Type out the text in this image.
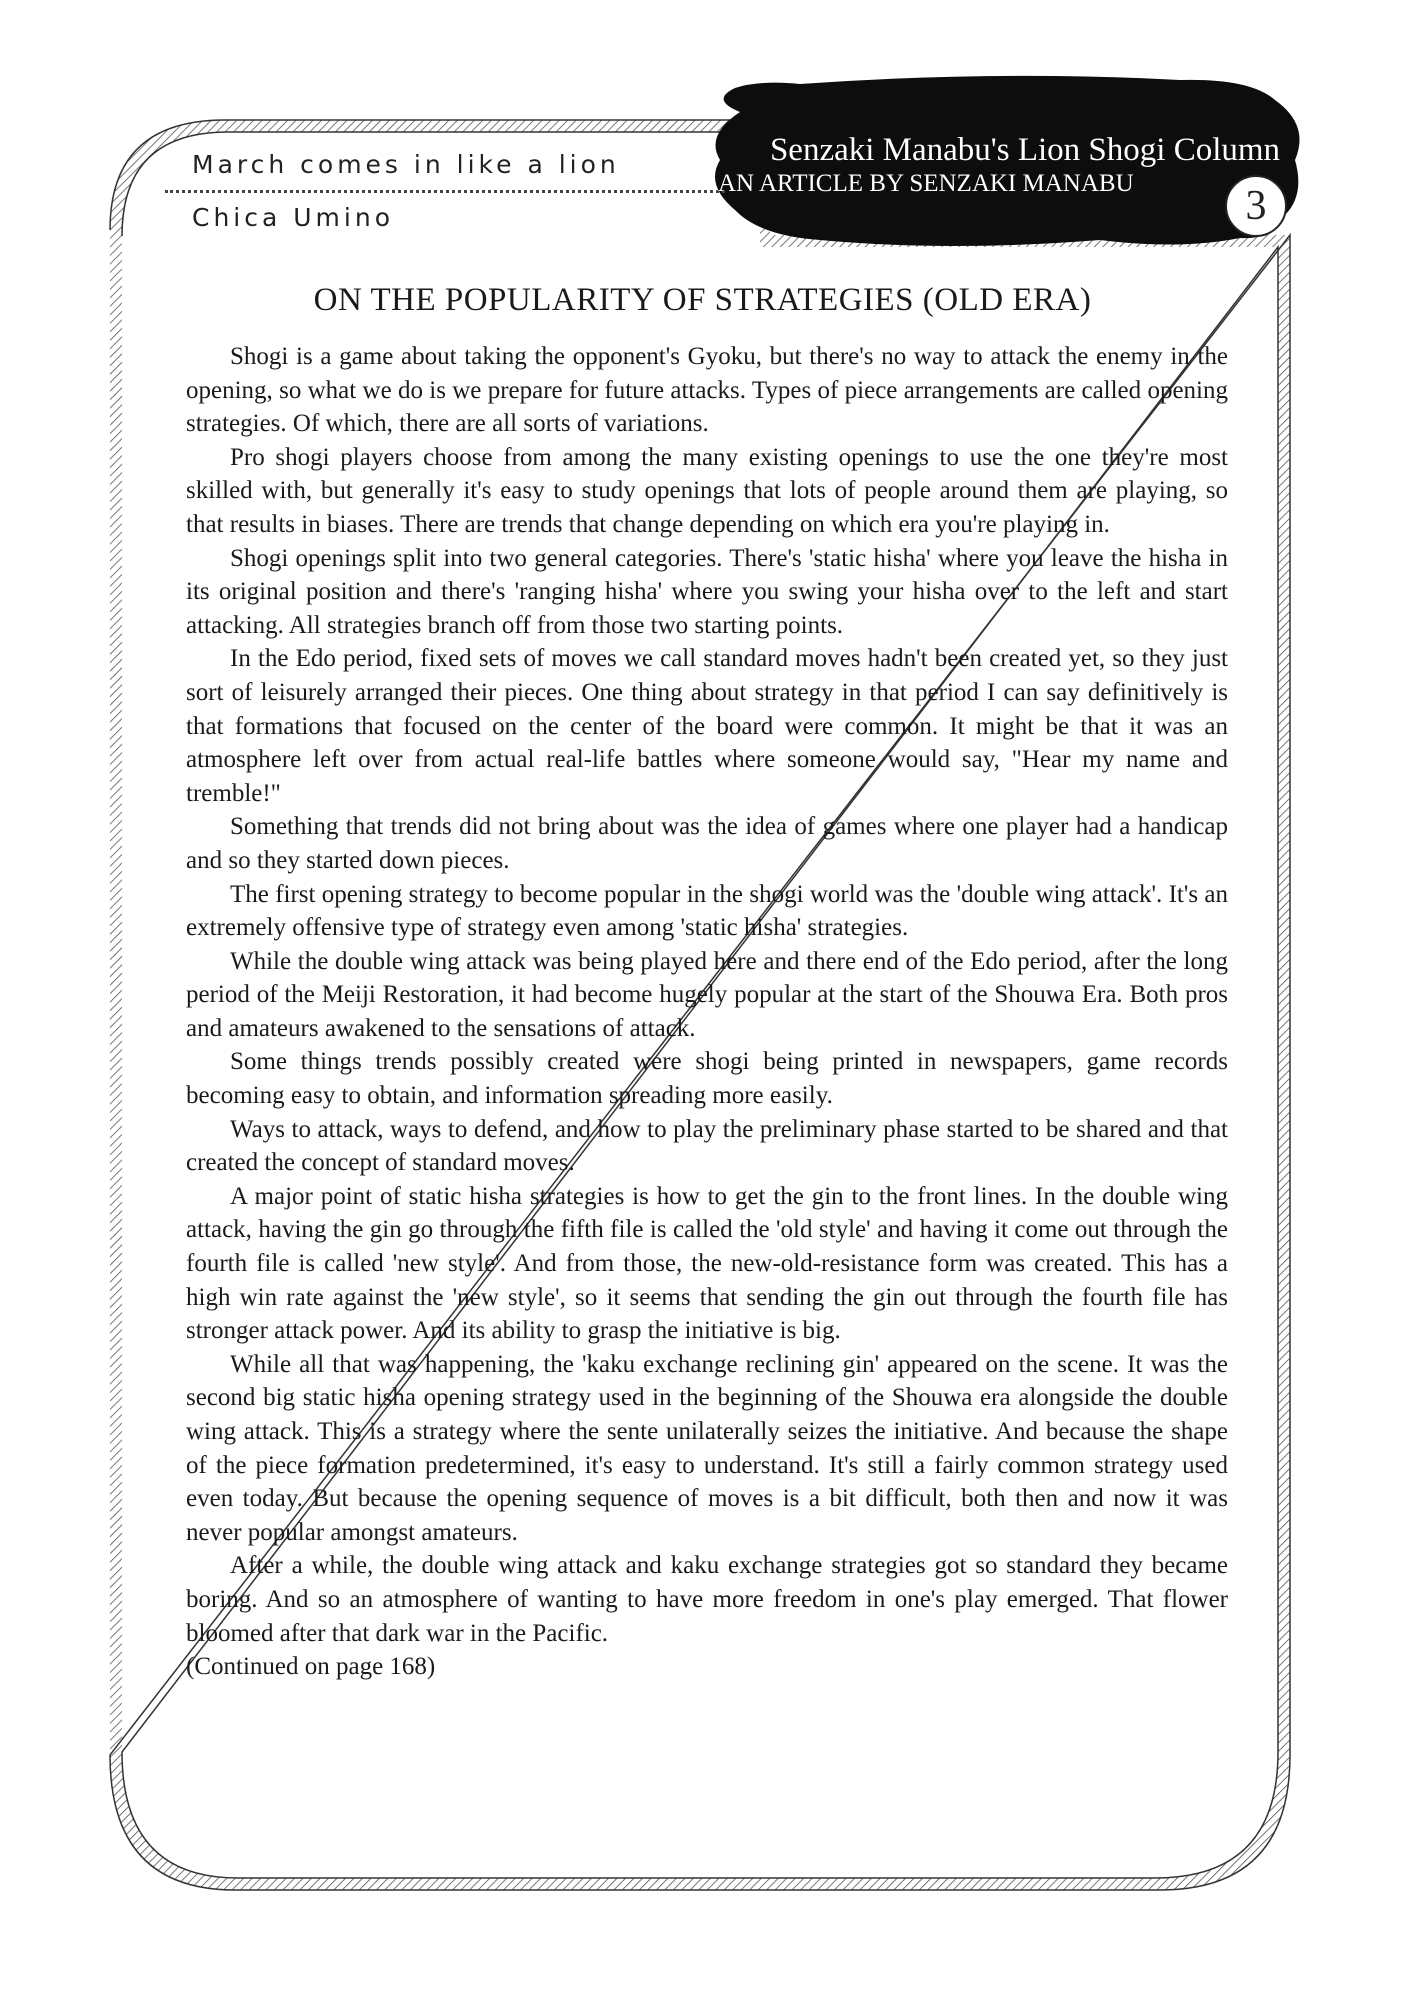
March comes in like a lion
Chica Umino
Senzaki Manabu's Lion Shogi Column
AN ARTICLE BY SENZAKI MANABU	3
ON THE POPULARITY OF STRATEGIES (OLD ERA)

Shogi is a game about taking the opponent's Gyoku, but there's no way to attack the enemy in the opening, so what we do is we prepare for future attacks. Types of piece arrangements are called opening strategies. Of which, there are all sorts of variations.

Pro shogi players choose from among the many existing openings to use the one they're most skilled with, but generally it's easy to study openings that lots of people around them are playing, so that results in biases. There are trends that change depending on which era you're playing in.

Shogi openings split into two general categories. There's 'static hisha' where you leave the hisha in its original position and there's 'ranging hisha' where you swing your hisha over to the left and start attacking. All strategies branch off from those two starting points.

In the Edo period, fixed sets of moves we call standard moves hadn't been created yet, so they just sort of leisurely arranged their pieces. One thing about strategy in that period I can say definitively is that formations that focused on the center of the board were common. It might be that it was an atmosphere left over from actual real-life battles where someone would say, "Hear my name and tremble!"

Something that trends did not bring about was the idea of games where one player had a handicap and so they started down pieces.

The first opening strategy to become popular in the shogi world was the 'double wing attack'. It's an extremely offensive type of strategy even among 'static hisha' strategies.

While the double wing attack was being played here and there end of the Edo period, after the long period of the Meiji Restoration, it had become hugely popular at the start of the Shouwa Era. Both pros and amateurs awakened to the sensations of attack.

Some things trends possibly created were shogi being printed in newspapers, game records becoming easy to obtain, and information spreading more easily.

Ways to attack, ways to defend, and how to play the preliminary phase started to be shared and that created the concept of standard moves.

A major point of static hisha strategies is how to get the gin to the front lines. In the double wing attack, having the gin go through the fifth file is called the 'old style' and having it come out through the fourth file is called 'new style'. And from those, the new-old-resistance form was created. This has a high win rate against the 'new style', so it seems that sending the gin out through the fourth file has stronger attack power. And its ability to grasp the initiative is big.

While all that was happening, the 'kaku exchange reclining gin' appeared on the scene. It was the second big static hisha opening strategy used in the beginning of the Shouwa era alongside the double wing attack. This is a strategy where the sente unilaterally seizes the initiative. And because the shape of the piece formation predetermined, it's easy to understand. It's still a fairly common strategy used even today. But because the opening sequence of moves is a bit difficult, both then and now it was never popular amongst amateurs.

After a while, the double wing attack and kaku exchange strategies got so standard they became boring. And so an atmosphere of wanting to have more freedom in one's play emerged. That flower bloomed after that dark war in the Pacific.

(Continued on page 168)
